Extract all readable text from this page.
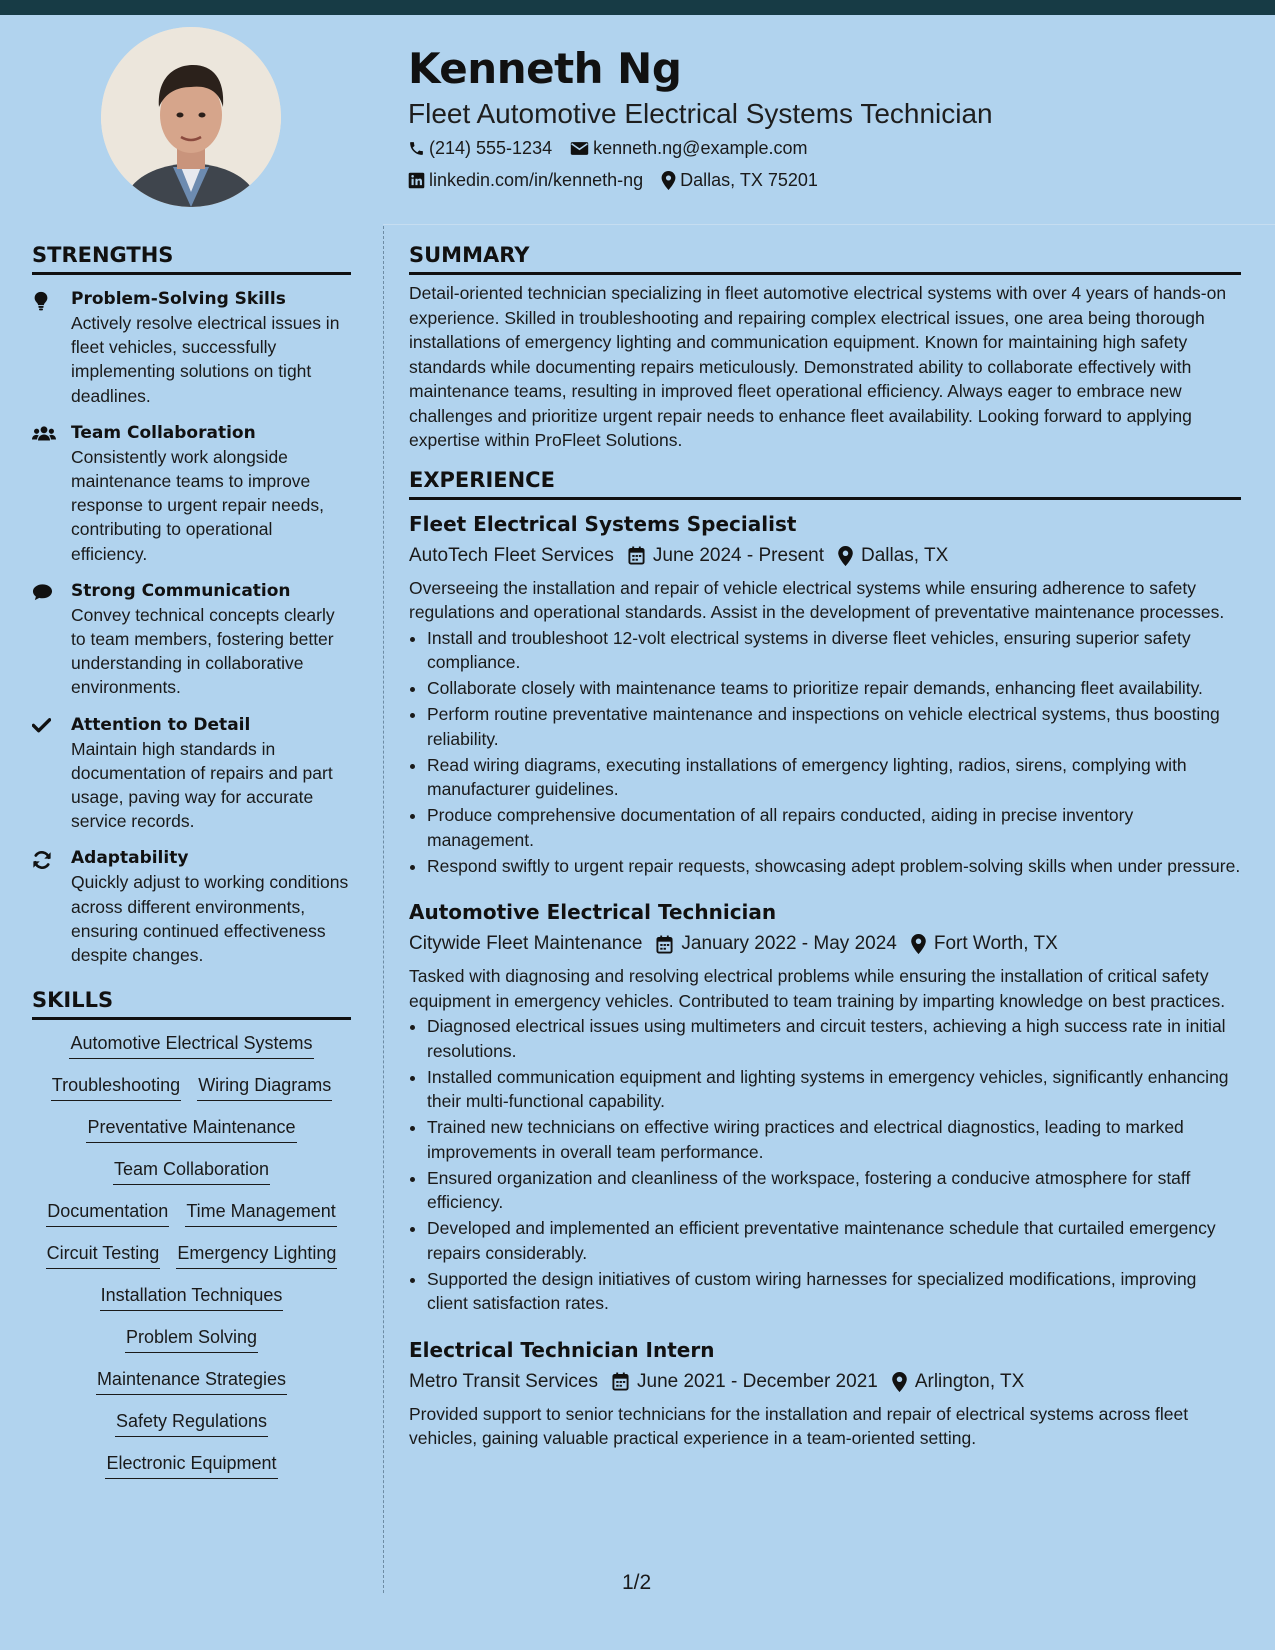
Kenneth Ng
Fleet Automotive Electrical Systems Technician
(214) 555-1234 kenneth.ng@example.com
linkedin.com/in/kenneth-ng Dallas, TX 75201
STRENGTHS
Problem-Solving Skills
Actively resolve electrical issues in fleet vehicles, successfully implementing solutions on tight deadlines.
Team Collaboration
Consistently work alongside maintenance teams to improve response to urgent repair needs, contributing to operational efficiency.
Strong Communication
Convey technical concepts clearly to team members, fostering better understanding in collaborative environments.
Attention to Detail
Maintain high standards in documentation of repairs and part usage, paving way for accurate service records.
Adaptability
Quickly adjust to working conditions across different environments, ensuring continued effectiveness despite changes.
SKILLS
Automotive Electrical Systems
Troubleshooting Wiring Diagrams
Preventative Maintenance
Team Collaboration
Documentation Time Management
Circuit Testing Emergency Lighting
Installation Techniques
Problem Solving
Maintenance Strategies
Safety Regulations
Electronic Equipment
SUMMARY
Detail-oriented technician specializing in fleet automotive electrical systems with over 4 years of hands-on experience. Skilled in troubleshooting and repairing complex electrical issues, one area being thorough installations of emergency lighting and communication equipment. Known for maintaining high safety standards while documenting repairs meticulously. Demonstrated ability to collaborate effectively with maintenance teams, resulting in improved fleet operational efficiency. Always eager to embrace new challenges and prioritize urgent repair needs to enhance fleet availability. Looking forward to applying expertise within ProFleet Solutions.
EXPERIENCE
Fleet Electrical Systems Specialist
AutoTech Fleet Services June 2024 - Present Dallas, TX
Overseeing the installation and repair of vehicle electrical systems while ensuring adherence to safety regulations and operational standards. Assist in the development of preventative maintenance processes.
• Install and troubleshoot 12-volt electrical systems in diverse fleet vehicles, ensuring superior safety compliance.
• Collaborate closely with maintenance teams to prioritize repair demands, enhancing fleet availability.
• Perform routine preventative maintenance and inspections on vehicle electrical systems, thus boosting reliability.
• Read wiring diagrams, executing installations of emergency lighting, radios, sirens, complying with manufacturer guidelines.
• Produce comprehensive documentation of all repairs conducted, aiding in precise inventory management.
• Respond swiftly to urgent repair requests, showcasing adept problem-solving skills when under pressure.
Automotive Electrical Technician
Citywide Fleet Maintenance January 2022 - May 2024 Fort Worth, TX
Tasked with diagnosing and resolving electrical problems while ensuring the installation of critical safety equipment in emergency vehicles. Contributed to team training by imparting knowledge on best practices.
• Diagnosed electrical issues using multimeters and circuit testers, achieving a high success rate in initial resolutions.
• Installed communication equipment and lighting systems in emergency vehicles, significantly enhancing their multi-functional capability.
• Trained new technicians on effective wiring practices and electrical diagnostics, leading to marked improvements in overall team performance.
• Ensured organization and cleanliness of the workspace, fostering a conducive atmosphere for staff efficiency.
• Developed and implemented an efficient preventative maintenance schedule that curtailed emergency repairs considerably.
• Supported the design initiatives of custom wiring harnesses for specialized modifications, improving client satisfaction rates.
Electrical Technician Intern
Metro Transit Services June 2021 - December 2021 Arlington, TX
Provided support to senior technicians for the installation and repair of electrical systems across fleet vehicles, gaining valuable practical experience in a team-oriented setting.
1/2
